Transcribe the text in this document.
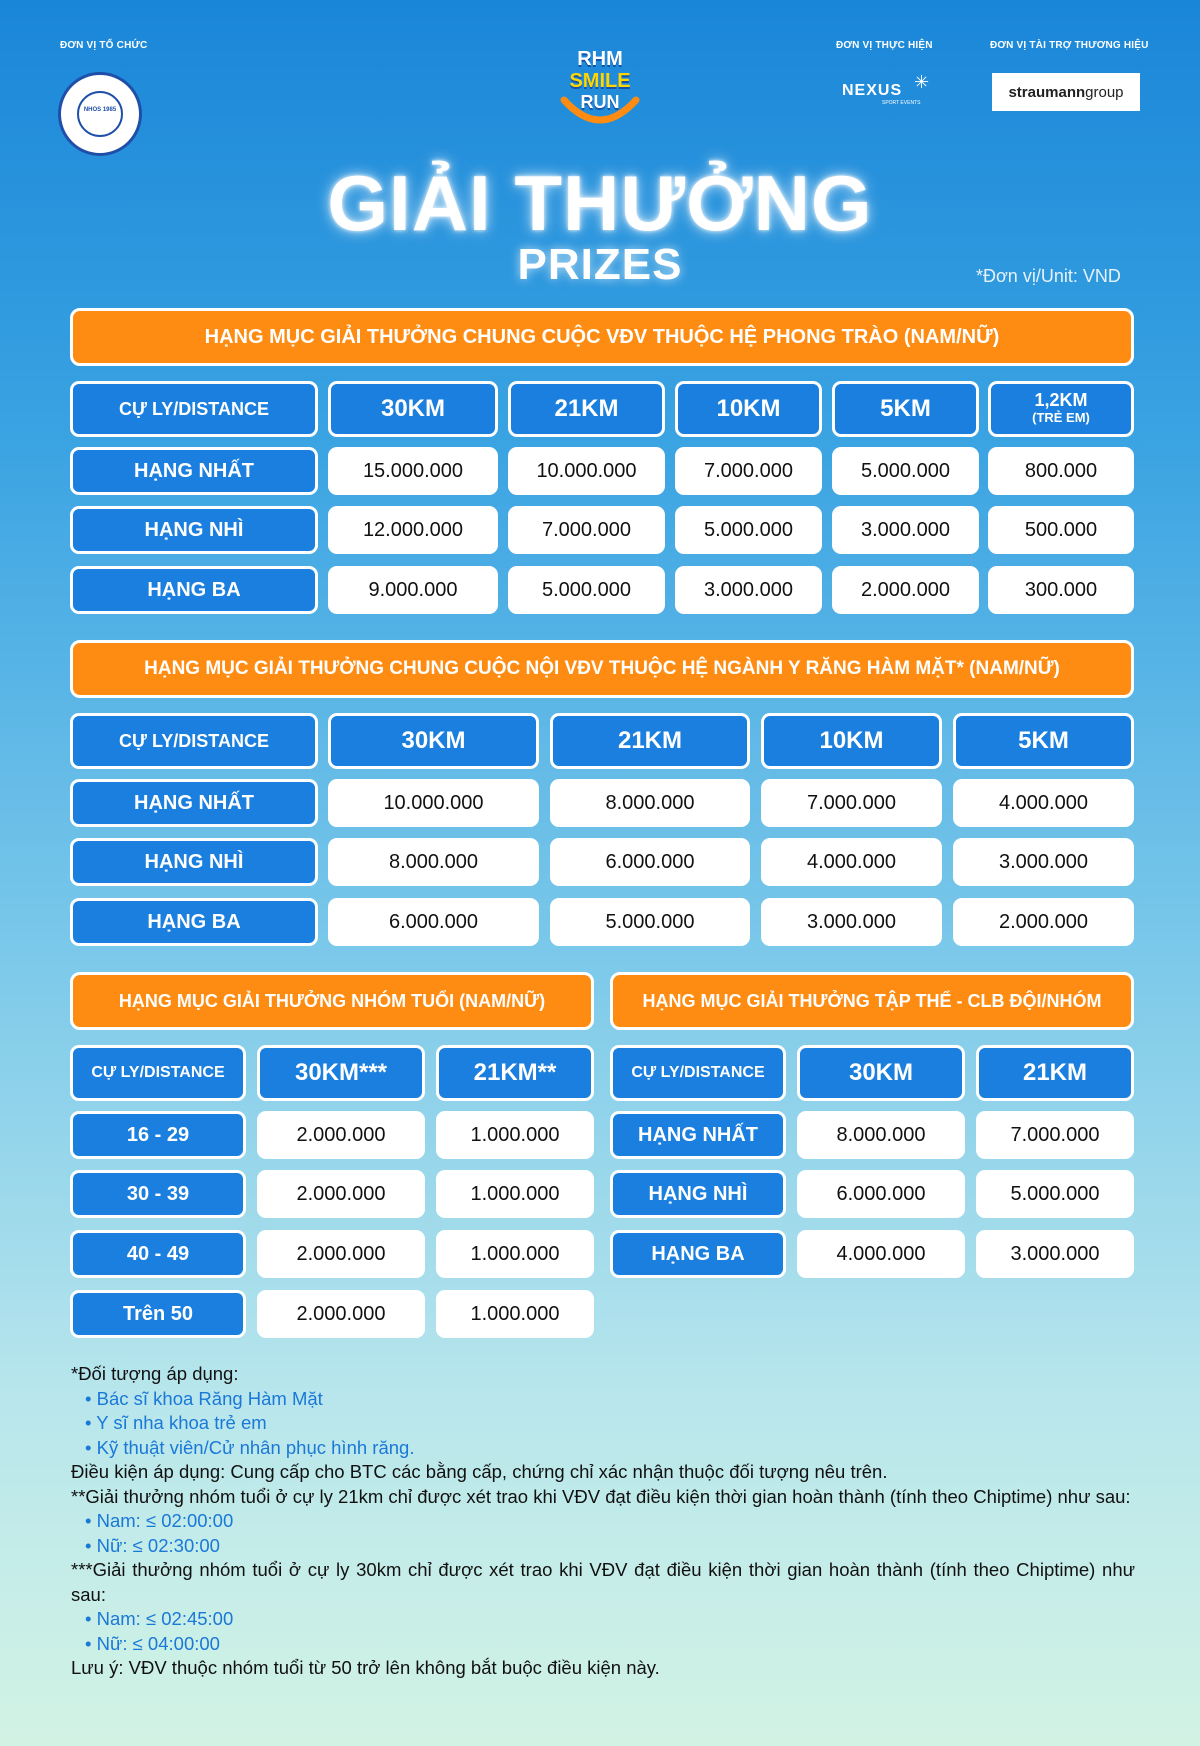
ĐƠN VỊ TỔ CHỨC
NHOS 1985
RHM
SMILE
RUN
ĐƠN VỊ THỰC HIỆN
NEXUS
SPORT EVENTS
✳
ĐƠN VỊ TÀI TRỢ THƯƠNG HIỆU
straumann group
GIẢI THƯỞNG
PRIZES	*Đơn vị/Unit: VND
HẠNG MỤC GIẢI THƯỞNG CHUNG CUỘC VĐV THUỘC HỆ PHONG TRÀO (NAM/NỮ)
CỰ LY/DISTANCE	30KM	21KM	10KM	5KM	1,2KM
(TRẺ EM)
HẠNG NHẤT	15.000.000	10.000.000	7.000.000	5.000.000	800.000
HẠNG NHÌ	12.000.000	7.000.000	5.000.000	3.000.000	500.000
HẠNG BA	9.000.000	5.000.000	3.000.000	2.000.000	300.000
HẠNG MỤC GIẢI THƯỞNG CHUNG CUỘC NỘI VĐV THUỘC HỆ NGÀNH Y RĂNG HÀM MẶT* (NAM/NỮ)
CỰ LY/DISTANCE	30KM	21KM	10KM	5KM
HẠNG NHẤT	10.000.000	8.000.000	7.000.000	4.000.000
HẠNG NHÌ	8.000.000	6.000.000	4.000.000	3.000.000
HẠNG BA	6.000.000	5.000.000	3.000.000	2.000.000
HẠNG MỤC GIẢI THƯỞNG NHÓM TUỔI (NAM/NỮ)
CỰ LY/DISTANCE	30KM***	21KM**
16 - 29	2.000.000	1.000.000
30 - 39	2.000.000	1.000.000
40 - 49	2.000.000	1.000.000
Trên 50	2.000.000	1.000.000
HẠNG MỤC GIẢI THƯỞNG TẬP THỂ - CLB ĐỘI/NHÓM
CỰ LY/DISTANCE	30KM	21KM
HẠNG NHẤT	8.000.000	7.000.000
HẠNG NHÌ	6.000.000	5.000.000
HẠNG BA	4.000.000	3.000.000

*Đối tượng áp dụng:

• Bác sĩ khoa Răng Hàm Mặt

• Y sĩ nha khoa trẻ em

• Kỹ thuật viên/Cử nhân phục hình răng.

Điều kiện áp dụng: Cung cấp cho BTC các bằng cấp, chứng chỉ xác nhận thuộc đối tượng nêu trên.

**Giải thưởng nhóm tuổi ở cự ly 21km chỉ được xét trao khi VĐV đạt điều kiện thời gian hoàn thành (tính theo Chiptime) như sau:

• Nam: ≤ 02:00:00

• Nữ: ≤ 02:30:00

***Giải thưởng nhóm tuổi ở cự ly 30km chỉ được xét trao khi VĐV đạt điều kiện thời gian hoàn thành (tính theo Chiptime) như sau:

• Nam: ≤ 02:45:00

• Nữ: ≤ 04:00:00

Lưu ý: VĐV thuộc nhóm tuổi từ 50 trở lên không bắt buộc điều kiện này.
